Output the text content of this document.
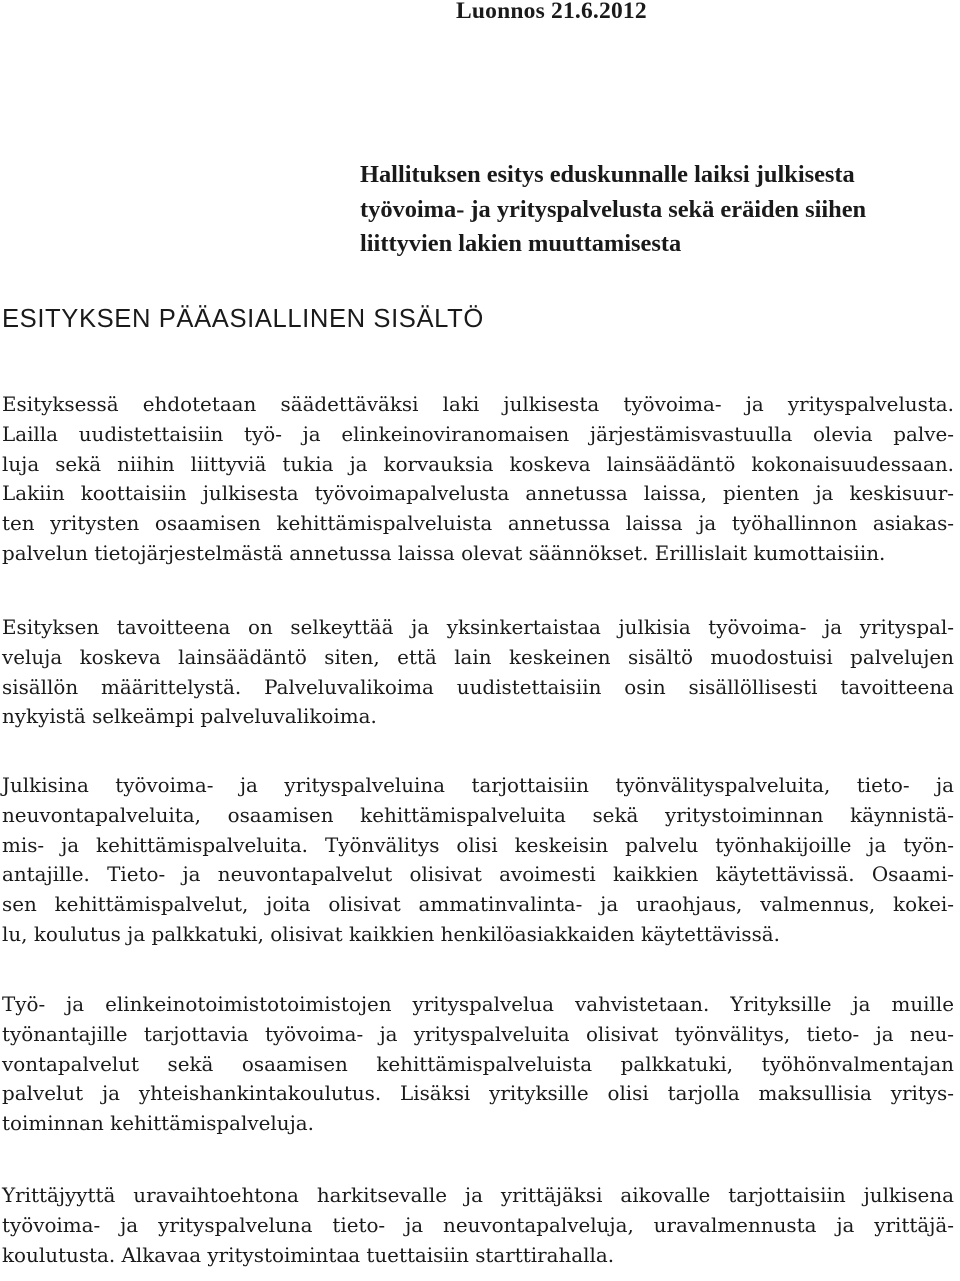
Luonnos 21.6.2012
Hallituksen esitys eduskunnalle laiksi julkisesta
työvoima- ja yrityspalvelusta sekä eräiden siihen
liittyvien lakien muuttamisesta
ESITYKSEN PÄÄASIALLINEN SISÄLTÖ
Esityksessä ehdotetaan säädettäväksi laki julkisesta työvoima- ja yrityspalvelusta.
Lailla uudistettaisiin työ- ja elinkeinoviranomaisen järjestämisvastuulla olevia palve-
luja sekä niihin liittyviä tukia ja korvauksia koskeva lainsäädäntö kokonaisuudessaan.
Lakiin koottaisiin julkisesta työvoimapalvelusta annetussa laissa, pienten ja keskisuur-
ten yritysten osaamisen kehittämispalveluista annetussa laissa ja työhallinnon asiakas-
palvelun tietojärjestelmästä annetussa laissa olevat säännökset. Erillislait kumottaisiin.
Esityksen tavoitteena on selkeyttää ja yksinkertaistaa julkisia työvoima- ja yrityspal-
veluja koskeva lainsäädäntö siten, että lain keskeinen sisältö muodostuisi palvelujen
sisällön määrittelystä. Palveluvalikoima uudistettaisiin osin sisällöllisesti tavoitteena
nykyistä selkeämpi palveluvalikoima.
Julkisina työvoima- ja yrityspalveluina tarjottaisiin työnvälityspalveluita, tieto- ja
neuvontapalveluita, osaamisen kehittämispalveluita sekä yritystoiminnan käynnistä-
mis- ja kehittämispalveluita. Työnvälitys olisi keskeisin palvelu työnhakijoille ja työn-
antajille. Tieto- ja neuvontapalvelut olisivat avoimesti kaikkien käytettävissä. Osaami-
sen kehittämispalvelut, joita olisivat ammatinvalinta- ja uraohjaus, valmennus, kokei-
lu, koulutus ja palkkatuki, olisivat kaikkien henkilöasiakkaiden käytettävissä.
Työ- ja elinkeinotoimistotoimistojen yrityspalvelua vahvistetaan. Yrityksille ja muille
työnantajille tarjottavia työvoima- ja yrityspalveluita olisivat työnvälitys, tieto- ja neu-
vontapalvelut sekä osaamisen kehittämispalveluista palkkatuki, työhönvalmentajan
palvelut ja yhteishankintakoulutus. Lisäksi yrityksille olisi tarjolla maksullisia yritys-
toiminnan kehittämispalveluja.
Yrittäjyyttä uravaihtoehtona harkitsevalle ja yrittäjäksi aikovalle tarjottaisiin julkisena
työvoima- ja yrityspalveluna tieto- ja neuvontapalveluja, uravalmennusta ja yrittäjä-
koulutusta. Alkavaa yritystoimintaa tuettaisiin starttirahalla.
